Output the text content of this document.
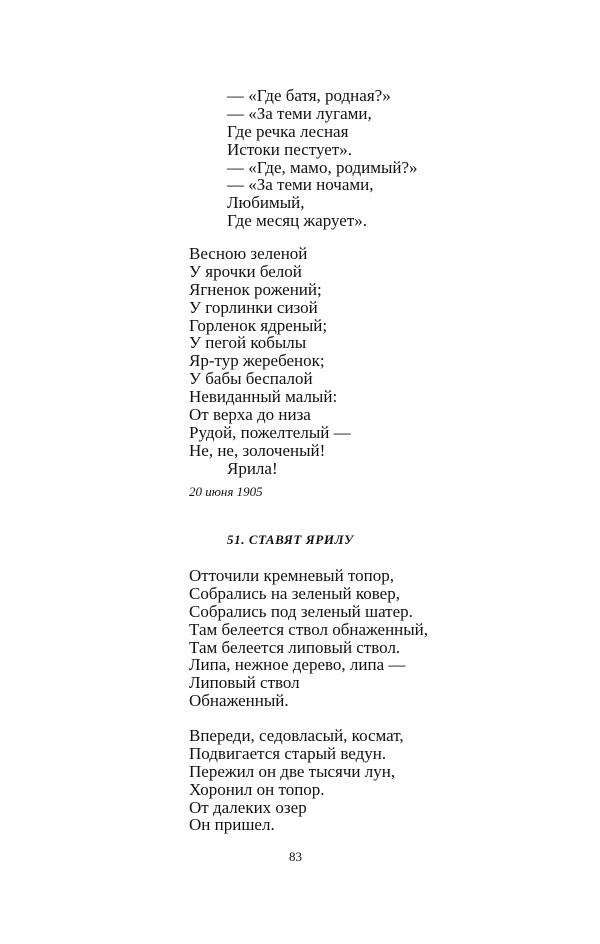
— «Где батя, родная?»
— «За теми лугами,
Где речка лесная
Истоки пестует».
— «Где, мамо, родимый?»
— «За теми ночами,
Любимый,
Где месяц жарует».
Весною зеленой
У ярочки белой
Ягненок рожений;
У горлинки сизой
Горленок ядреный;
У пегой кобылы
Яр-тур жеребенок;
У бабы беспалой
Невиданный малый:
От верха до низа
Рудой, пожелтелый —
Не, не, золоченый!
Ярила!
20 июня 1905
51. СТАВЯТ ЯРИЛУ
Отточили кремневый топор,
Собрались на зеленый ковер,
Собрались под зеленый шатер.
Там белеется ствол обнаженный,
Там белеется липовый ствол.
Липа, нежное дерево, липа —
Липовый ствол
Обнаженный.
Впереди, седовласый, космат,
Подвигается старый ведун.
Пережил он две тысячи лун,
Хоронил он топор.
От далеких озер
Он пришел.
83
